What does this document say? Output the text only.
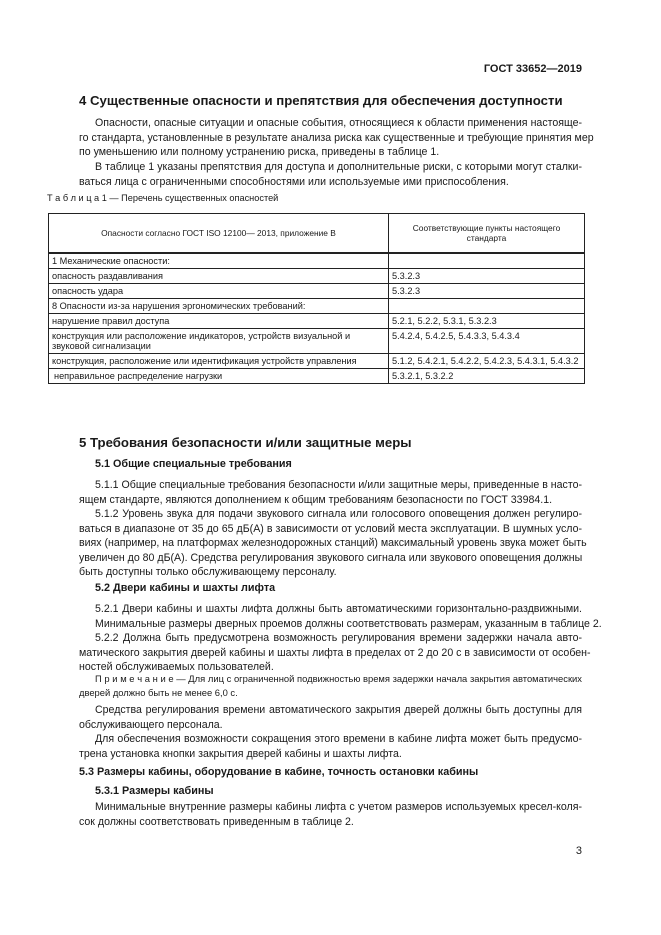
ГОСТ 33652—2019
4 Существенные опасности и препятствия для обеспечения доступности
Опасности, опасные ситуации и опасные события, относящиеся к области применения настояще-
го стандарта, установленные в результате анализа риска как существенные и требующие принятия мер
по уменьшению или полному устранению риска, приведены в таблице 1.
В таблице 1 указаны препятствия для доступа и дополнительные риски, с которыми могут сталки-
ваться лица с ограниченными способностями или используемые ими приспособления.
Т а б л и ц а 1 — Перечень существенных опасностей
Опасности согласно ГОСТ ISO 12100— 2013, приложение В	Соответствующие пункты настоящего стандарта
1 Механические опасности:	
опасность раздавливания	5.3.2.3
опасность удара	5.3.2.3
8 Опасности из-за нарушения эргономических требований:	
нарушение правил доступа	5.2.1, 5.2.2, 5.3.1, 5.3.2.3
конструкция или расположение индикаторов, устройств визуальной и звуковой сигнализации	5.4.2.4, 5.4.2.5, 5.4.3.3, 5.4.3.4
конструкция, расположение или идентификация устройств управления	5.1.2, 5.4.2.1, 5.4.2.2, 5.4.2.3, 5.4.3.1, 5.4.3.2
неправильное распределение нагрузки	5.3.2.1, 5.3.2.2
5 Требования безопасности и/или защитные меры
5.1 Общие специальные требования
5.1.1 Общие специальные требования безопасности и/или защитные меры, приведенные в насто-
ящем стандарте, являются дополнением к общим требованиям безопасности по ГОСТ 33984.1.
5.1.2 Уровень звука для подачи звукового сигнала или голосового оповещения должен регулиро-
ваться в диапазоне от 35 до 65 дБ(А) в зависимости от условий места эксплуатации. В шумных усло-
виях (например, на платформах железнодорожных станций) максимальный уровень звука может быть
увеличен до 80 дБ(А). Средства регулирования звукового сигнала или звукового оповещения должны
быть доступны только обслуживающему персоналу.
5.2 Двери кабины и шахты лифта
5.2.1 Двери кабины и шахты лифта должны быть автоматическими горизонтально-раздвижными.
Минимальные размеры дверных проемов должны соответствовать размерам, указанным в таблице 2.
5.2.2 Должна быть предусмотрена возможность регулирования времени задержки начала авто-
матического закрытия дверей кабины и шахты лифта в пределах от 2 до 20 с в зависимости от особен-
ностей обслуживаемых пользователей.
П р и м е ч а н и е — Для лиц с ограниченной подвижностью время задержки начала закрытия автоматических
дверей должно быть не менее 6,0 с.
Средства регулирования времени автоматического закрытия дверей должны быть доступны для
обслуживающего персонала.
Для обеспечения возможности сокращения этого времени в кабине лифта может быть предусмо-
трена установка кнопки закрытия дверей кабины и шахты лифта.
5.3 Размеры кабины, оборудование в кабине, точность остановки кабины
5.3.1 Размеры кабины
Минимальные внутренние размеры кабины лифта с учетом размеров используемых кресел-коля-
сок должны соответствовать приведенным в таблице 2.
3
